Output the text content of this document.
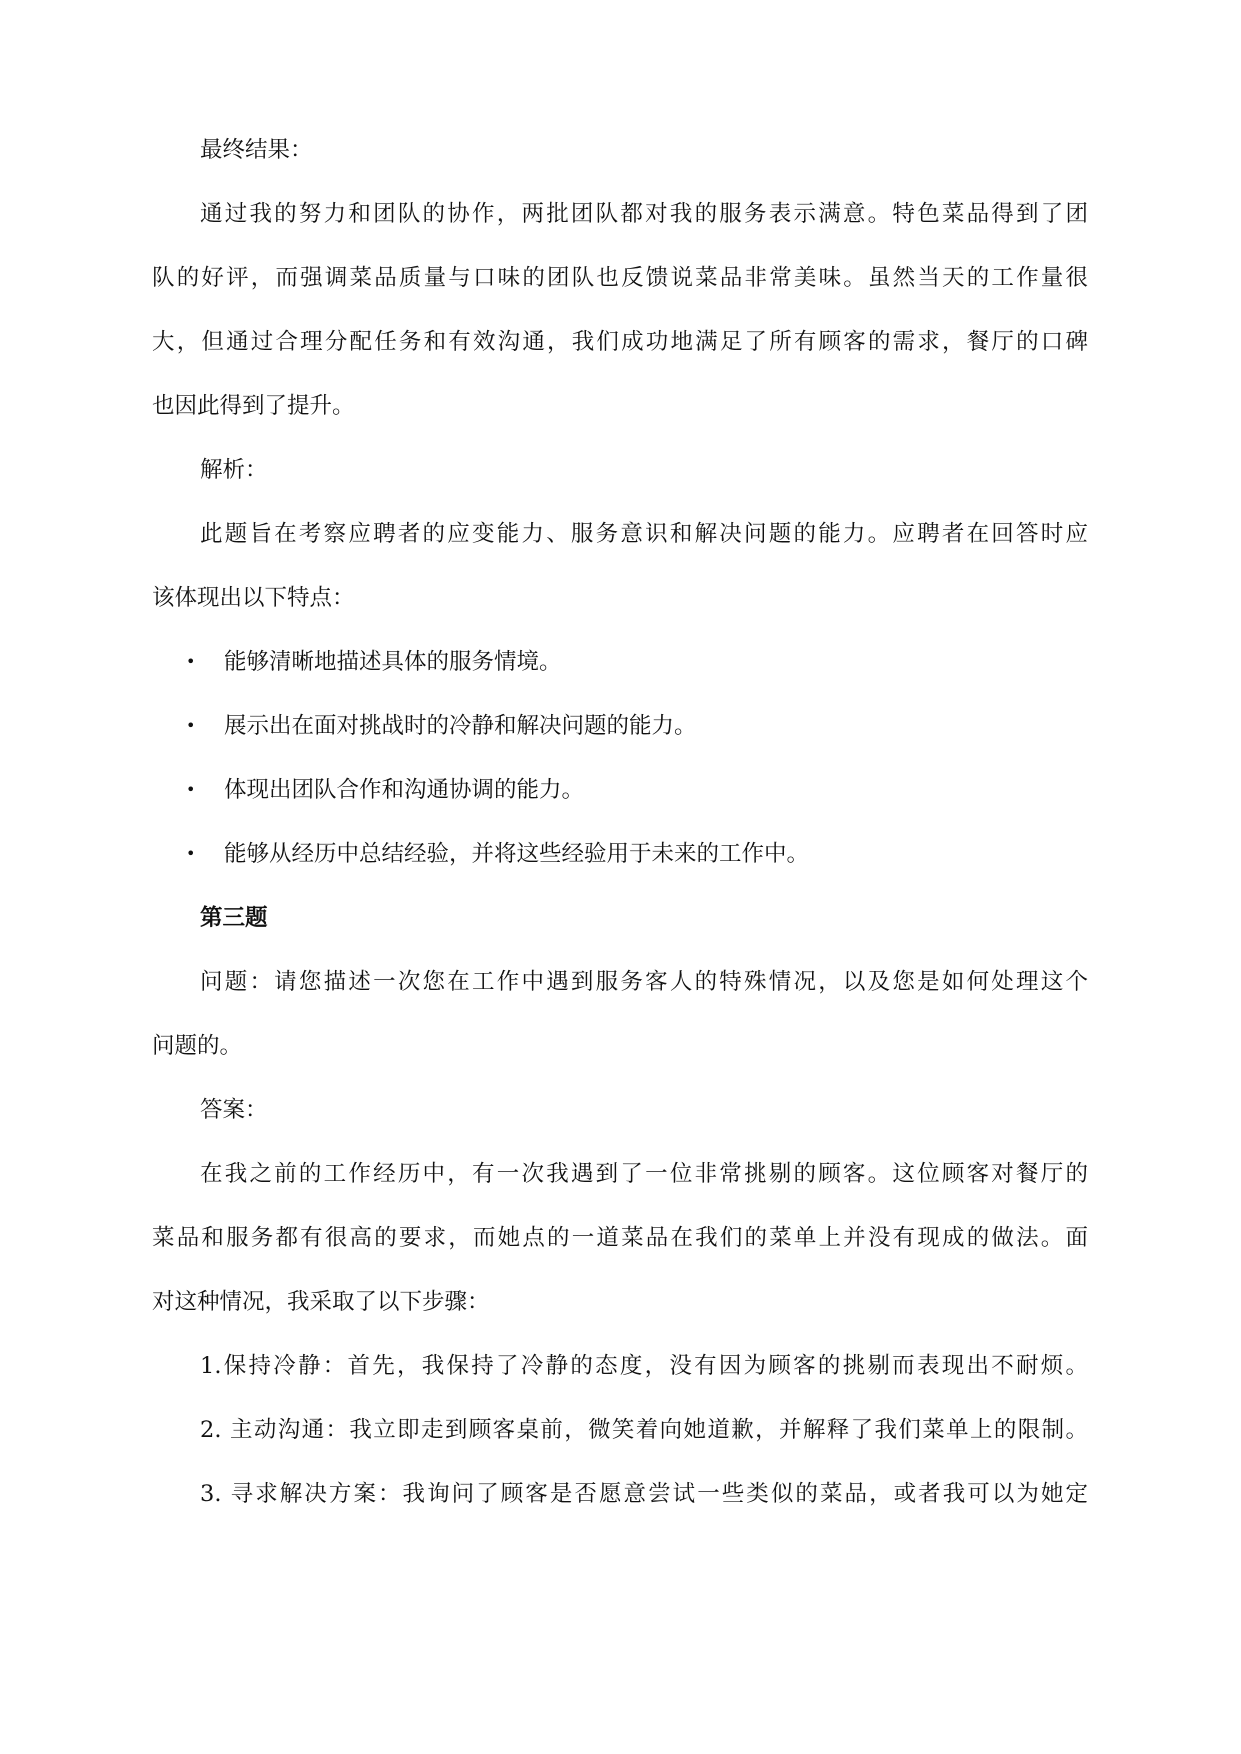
最终结果：
通过我的努力和团队的协作，两批团队都对我的服务表示满意。特色菜品得到了团
队的好评，而强调菜品质量与口味的团队也反馈说菜品非常美味。虽然当天的工作量很
大，但通过合理分配任务和有效沟通，我们成功地满足了所有顾客的需求，餐厅的口碑
也因此得到了提升。
解析：
此题旨在考察应聘者的应变能力、服务意识和解决问题的能力。应聘者在回答时应
该体现出以下特点：
• 能够清晰地描述具体的服务情境。
• 展示出在面对挑战时的冷静和解决问题的能力。
• 体现出团队合作和沟通协调的能力。
• 能够从经历中总结经验，并将这些经验用于未来的工作中。
第三题
问题：请您描述一次您在工作中遇到服务客人的特殊情况，以及您是如何处理这个
问题的。
答案：
在我之前的工作经历中，有一次我遇到了一位非常挑剔的顾客。这位顾客对餐厅的
菜品和服务都有很高的要求，而她点的一道菜品在我们的菜单上并没有现成的做法。面
对这种情况，我采取了以下步骤：
1.保持冷静：首先，我保持了冷静的态度，没有因为顾客的挑剔而表现出不耐烦。
2. 主动沟通：我立即走到顾客桌前，微笑着向她道歉，并解释了我们菜单上的限制。
3. 寻求解决方案：我询问了顾客是否愿意尝试一些类似的菜品，或者我可以为她定
